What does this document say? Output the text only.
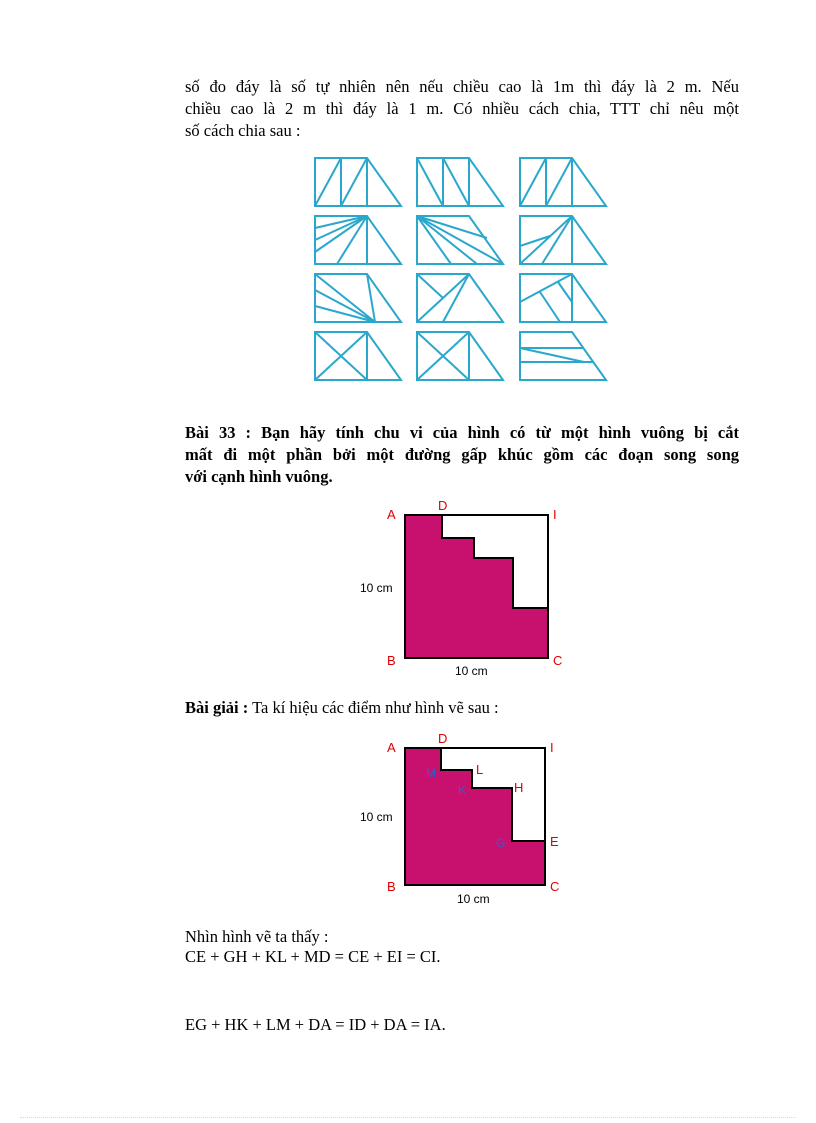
số đo đáy là số tự nhiên nên nếu chiều cao là 1m thì đáy là 2 m. Nếu
chiều cao là 2 m thì đáy là 1 m. Có nhiều cách chia, TTT chỉ nêu một
số cách chia sau :
Bài 33 : Bạn hãy tính chu vi của hình có từ một hình vuông bị cắt
mất đi một phần bởi một đường gấp khúc gồm các đoạn song song
với cạnh hình vuông.
A
D
I
B	C
10 cm
10 cm
Bài giải : Ta kí hiệu các điểm như hình vẽ sau :
A
D
I
L
H
E
B	C
M
K
G
10 cm
10 cm
Nhìn hình vẽ ta thấy :
CE + GH + KL + MD = CE + EI = CI.
EG + HK + LM + DA = ID + DA = IA.
